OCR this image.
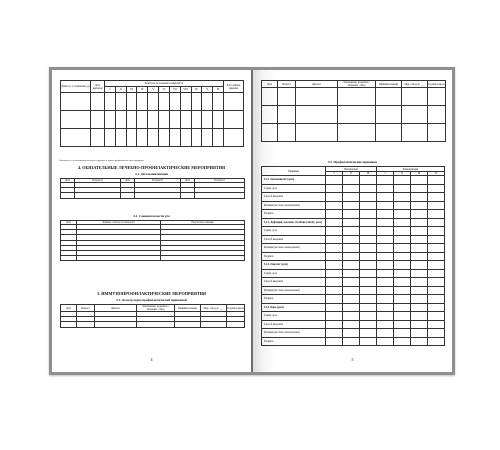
Диагноз, осложнения (-и)	Дата выписки	Контроль посещений специалиста											Дата снятия, причина
		I	II	III	IV	V	VI	VII	VIII	IX	X	XI	

Заполняется на основании паспорта здоровья и карты профилактических прививок
4. ОБЯЗАТЕЛЬНЫЕ ЛЕЧЕБНО-ПРОФИЛАКТИЧЕСКИЕ МЕРОПРИЯТИЯ
4.1. Дегельминтизация
Дата	Результат	Дата	Результат	Дата	Результат

4.2. Санация полости рта
Дата	Данные осмотра стоматолога	Результаты санации

5. ИММУНОПРОФИЛАКТИЧЕСКИЕ МЕРОПРИЯТИЯ
5.1. Осмотр перед профилактической прививкой
Дата	Возраст	Диагноз	Заключение: разрешен / запрещен, отвод	Прививка (какая)	Мед. отвод до ___	Подпись врача

4
Дата	Возраст	Диагноз	Заключение: разрешен / запрещен, отвод	Прививка (какая)	Мед. отвод до ___	Подпись врача

5.2. Профилактические прививки
Прививки	Вакцинация			Ревакцинация			
	I	II	III	I	II	III	IV
5.2.1. Полиомиелит (дата)							
Серия, доза							
Способ введения							
Реакция (местная, немедленная)							
Подпись							
5.2.2. Дифтерия, коклюш, столбняк (АКДС, дата)							
Серия, доза							
Способ введения							
Реакция (местная, немедленная)							
Подпись							
5.2.3. Паротит (дата)							
Серия, доза							
Способ введения							
Реакция (местная, немедленная)							
Подпись							
5.2.4. Корь (дата)							
Серия, доза							
Способ введения							
Реакция (местная, немедленная)							
Подпись							
5
